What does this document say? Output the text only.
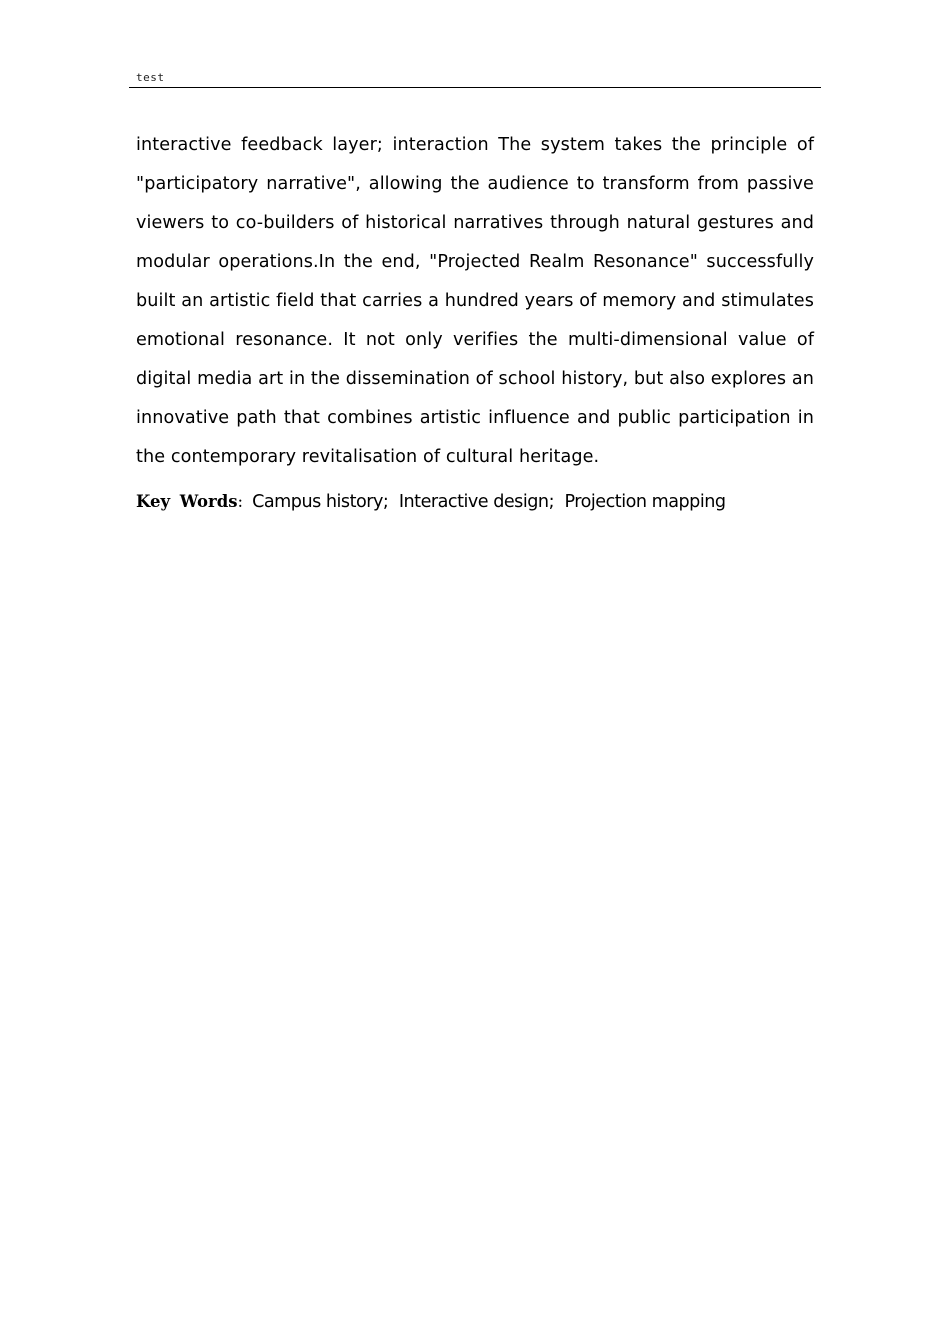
test

interactive feedback layer; interaction The system takes the principle of "participatory narrative", allowing the audience to transform from passive viewers to co-builders of historical narratives through natural gestures and modular operations.In the end, "Projected Realm Resonance" successfully built an artistic field that carries a hundred years of memory and stimulates emotional resonance. It not only verifies the multi-dimensional value of digital media art in the dissemination of school history, but also explores an innovative path that combines artistic influence and public participation in the contemporary revitalisation of cultural heritage.

Key Words: Campus history; Interactive design; Projection mapping
